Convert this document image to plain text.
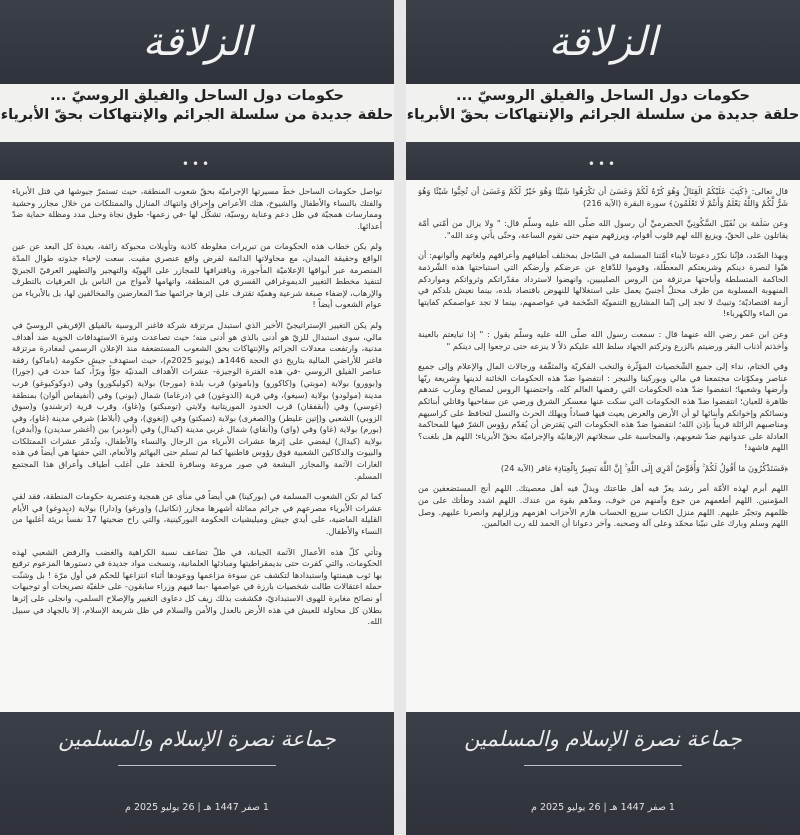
الزلاقة
حكومات دول الساحل والفيلق الروسيّ ...
حلقة جديدة من سلسلة الجرائم والإنتهاكات بحقّ الأبرياء
•••

تواصل حكومات الساحل خطّ مسيرتها الإجراميّة بحقّ شعوب المنطقة، حيث تستمرّ جيوشها في قتل الأبرياء والفتك بالنساء والأطفال والشيوخ، هتك الأعراض وإحراق وانتهاك المنازل والممتلكات من خلال مجازر وحشية وممارسات همجيّة في ظل دعم وعناية روسيّة، تشكّل لها -في زعمها- طوق نجاة وحبل مدد ومظلة حماية ضدّ أعدائها.

ولم يكن خطاب هذه الحكومات من تبريرات مغلوطة كاذبة وتأويلات محبوكة زائفة، بعيدة كل البعد عن عين الواقع وحقيقة الميدان، مع محاولاتها الدائمة لفرض واقع عنصري مقيت. سعت لإحياء جذوته طوال المدّة المنصرمة عبر أبواقها الإعلاميّة المأجورة، وباقترافها للمجازر على الهويّة والتهجير والتطهير العرقيّ الجبريّ لتنفيذ مخطط التغيير الديموغرافي القسري في المنطقة، واتهامها لأمواج من الناس بل العرقيات بالتطرف والإرهاب، لإضفاء صبغة شرعية وهميّة تقترف على إثرها جرائمها ضدّ المعارضين والمخالفين لها، بل بالأبرياء من عوام الشعوب أيضاً !

ولم يكن التغيير الإستراتيجيّ الأخير الذي استبدل مرتزقة شركة فاغنر الروسية بالفيلق الإفريقي الروسيّ في مالي، سوى استبدال للزيّ هو أدنى بالذي هو أدنى منه؛ حيث تصاعدت وتيرة الاستهدافات الجوية ضد أهداف مدنية، وارتفعت معدلات الجرائم والإنتهاكات بحق الشعوب المستضعفة منذ الإعلان الرسمي لمغادرة مرتزقة فاغنر للأراضي المالية بتاريخ ذي الحجة 1446هـ (يونيو 2025م)، حيث استهدف جيش حكومة (باماكو) رفقة عناصر الفيلق الروسي -في هذه الفترة الوجيزة- عشرات الأهداف المدنيّة جوّاً وبرّاً، كما حدث في (جورا) و(بوورو) بولاية (موبتي) و(كاكورو) و(باموتو) قرب بلدة (مورجا) بولاية (كوليكورو) وفي (دوكوكيوغو) قرب مدينة (مولودو) بولاية (سيغو)، وفي قرية (الدوغون) في (درغاما) شمال (بوني) وفي (أنفيفاس ألوان) بمنطقة (غوسي) وفي (أبقفقان) قرب الحدود الموريتانية ولايتي (تومبكتو) و(غاو)، وقرب قرية (ترشندو) و(سوق الزوبي) الشعبي و(إتين عليطر) و(الصغرى) بولاية (تمبكتو) وفي (إنغوي)، وفي (أبلاط) شرقي مدينة (غاو)، وفي (بورم) بولاية (غاو) وفي (واي) و(أنقاي) شمال غربي مدينة (كيدال) وفي (أبودير) بين (أغشر سديدن) و(أبدفن) بولاية (كيدال) ليفضي على إثرها عشرات الأبرياء من الرجال والنساء والأطفال، وتُدمّر عشرات الممتلكات والبيوت والدكاكين الشعبية فوق رؤوس قاطنيها كما لم تسلم حتى البهائم والأنعام، التي حفتها هي أيضاً في هذه الغارات الآثمة والمجازر البشعة في صور مروعة وسافرة للحقد على أغلب أطياف وأعراق هذا المجتمع المسلم.

كما لم تكن الشعوب المسلمة في (بوركينا) هي أيضاً في منأى عن همجية وعنصرية حكومات المنطقة، فقد لقي عشرات الأبرياء مصرعهم في جرائم مماثلة أشهرها مجازر (تكاتيل) و(ورغو) و(دارا) بولاية (ديدوغو) في الأيام القليلة الماضية، على أيدي جيش وميليشيات الحكومة البوركينية، والتي راح ضحيتها 17 نفساً بريئة أغلبها من النساء والأطفال.

وتأتي كلّ هذه الأعمال الآثمة الجبانة، في ظلّ تضاعف نسبة الكراهية والغضب والرفض الشعبي لهذه الحكومات، والتي كفرت حتى بديمقراطيتها ومبادئها العلمانية، ونسخت مواد جديدة في دستورها المزعوم ترقيع بها ثوب هيمنتها واستبدادها لتكشف عن سوءة مزاعمها ووعودها أثناء انتزاعها للحكم في أول مرّة ! بل وشنّت حملة اعتقالات طالت شخصيات بارزة في عواصمها -بما فيهم وزراء سابقون- على خلفيّة تصريحات أو توجيهات أو نصائح مغايرة للهوى الاستبداديّ، فكشفت بذلك زيف كل دعاوى التغيير والإصلاح السلمي، وانجلى على إثرها بطلان كل محاولة للعيش في هذه الأرض بالعدل والأمن والسلام في ظل شريعة الإسلام، إلا بالجهاد في سبيل الله.

جماعة نصرة الإسلام والمسلمين
1 صفر 1447 هـ | 26 يوليو 2025 م
الزلاقة
حكومات دول الساحل والفيلق الروسيّ ...
حلقة جديدة من سلسلة الجرائم والإنتهاكات بحقّ الأبرياء
•••

قال تعالى: ﴿كُتِبَ عَلَيْكُمُ الْقِتَالُ وَهُوَ كُرْهٌ لَّكُمْ وَعَسَىٰ أَن تَكْرَهُوا شَيْئًا وَهُوَ خَيْرٌ لَّكُمْ وَعَسَىٰ أَن تُحِبُّوا شَيْئًا وَهُوَ شَرٌّ لَّكُمْ وَاللَّهُ يَعْلَمُ وَأَنتُمْ لَا تَعْلَمُونَ﴾ سورة البقرة (الآية 216)

وعن سَلَمَة بن نُفَيْل السَّكُونِيِّ الحضرميِّ أن رسول الله صلّى الله عليه وسلّم قال: " ولا يزال من أمّتي أمّة يقاتلون على الحقّ، ويزيغ الله لهم قلوب أقوام، ويرزقهم منهم حتى تقوم الساعة، وحتّى يأتي وعد الله".

وبهذا الصّدد، فإنّنا نكرّر دعوتنا لأبناء أمّتنا المسلمة في السّاحل بمختلف أطيافهم وأعراقهم ولغاتهم وألوانهم: أن هبّوا لنصرة دينكم وشريعتكم المعطّلة، وقوموا للدّفاع عن عرضكم وأرضكم التي استباحتها هذه الشّرذمة الحاكمة المتسلطة وأباحتها مرتزقة من الروس الصليبيين، وانهضوا لاسترداد مقدّراتكم وثرواتكم ومواردكم المنهوبة المسلوبة من طرف محتلّ أجنبيّ يعمل على استغلالها للنهوض باقتصاد بلده، بينما نعيش بلدكم في أزمة اقتصاديّة؛ وتبيتْ لا تجد إلى إنّما المشاريع التنمويّة الضّخمة في عواصمهم، بينما لا تجد عواصمكم كفايتها من الماء والكهرباء!

وعن ابن عمر رضي الله عنهما قال : سمعت رسول الله صلّى الله عليه وسلّم يقول : " إذا تبايعتم بالعينة وأخذتم أذناب البقر ورضيتم بالزرع وتركتم الجهاد سلط الله عليكم ذلاً لا ينزعه حتى ترجعوا إلى دينكم "

وفي الختام، نداء إلى جميع الشّخصيات المؤثّرة والنخب الفكريّة والمثقّفة ورجالات المال والإعلام وإلى جميع عناصر ومكوّنات مجتمعنا في مالي وبوركينا والنيجر : انتفضوا ضدّ هذه الحكومات الخائنة لدينها وشريعة ربّها وأرضها وشعبها؛ انتفضوا ضدّ هذه الحكومات التي رفضها العالم كله، واحتضنها الروس لمصالح ومآرب عندهم ظاهرة للعيان؛ انتفضوا ضدّ هذه الحكومات التي سكت عنها معسكر الشرق ورضي عن سفاحيها وقاتلي أبنائكم ونسائكم وإخوانكم وأبنائها لو أن الأرض والعرض يعيث فيها فساداً ويهلك الحرث والنسل لتحافظ على كراسيهم ومناصبهم الزائلة قريباً بإذن الله؛ انتفضوا ضدّ هذه الحكومات التي يَقترض أن يُقدّم رؤوس الشرّ فيها للمحاكمة العادلة على عدوانهم ضدّ شعوبهم، والمحاسبة على سجلاتهم الإرهابيّة والإجراميّة بحقّ الأبرياء؛ اللهم هل بلغت؟ اللهم فاشهد!

﴿فَسَتَذْكُرُونَ مَا أَقُولُ لَكُمْ ۚ وَأُفَوِّضُ أَمْرِي إِلَى اللَّهِ ۚ إِنَّ اللَّهَ بَصِيرٌ بِالْعِبَادِ﴾ غافر (الآية 24)

اللهم أبرم لهذه الأمّة أمر رشد يعزّ فيه أهل طاعتك ويذلّ فيه أهل معصيتك. اللهم أنج المستضعفين من المؤمنين. اللهم أطعمهم من جوع وآمنهم من خوف، ومدّهم بقوة من عندك. اللهم اشدد وطأتك على من ظلمهم وتجبّر عليهم. اللهم منزل الكتاب سريع الحساب هازم الأحزاب اهزمهم وزلزلهم وانصرنا عليهم. وصل اللهم وسلم وبارك على نبيّنا محمّد وعلى آله وصحبه. وآخر دعوانا أن الحمد لله رب العالمين.

جماعة نصرة الإسلام والمسلمين
1 صفر 1447 هـ | 26 يوليو 2025 م
